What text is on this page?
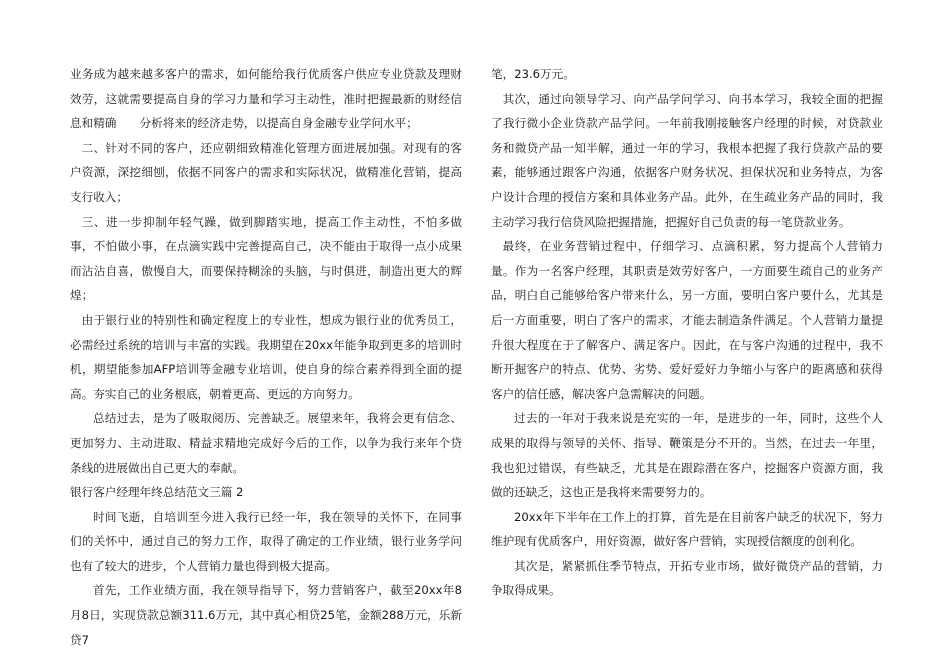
业务成为越来越多客户的需求，如何能给我行优质客户供应专业贷款及理财效劳，这就需要提高自身的学习力量和学习主动性，准时把握最新的财经信息和精确　　分析将来的经济走势，以提高自身金融专业学问水平；

二、针对不同的客户，还应朝细致精准化管理方面进展加强。对现有的客户资源，深挖细刨，依据不同客户的需求和实际状况，做精准化营销，提高支行收入；

三、进一步抑制年轻气躁，做到脚踏实地，提高工作主动性，不怕多做事，不怕做小事，在点滴实践中完善提高自己，决不能由于取得一点小成果而沾沾自喜，傲慢自大，而要保持糊涂的头脑，与时俱进，制造出更大的辉煌；

由于银行业的特别性和确定程度上的专业性，想成为银行业的优秀员工，必需经过系统的培训与丰富的实践。我期望在20xx年能争取到更多的培训时机，期望能参加AFP培训等金融专业培训，使自身的综合素养得到全面的提高。夯实自己的业务根底，朝着更高、更远的方向努力。

总结过去，是为了吸取阅历、完善缺乏。展望来年，我将会更有信念、更加努力、主动进取、精益求精地完成好今后的工作，以争为我行来年个贷条线的进展做出自己更大的奉献。

银行客户经理年终总结范文三篇 2

时间飞逝，自培训至今进入我行已经一年，我在领导的关怀下，在同事们的关怀中，通过自己的努力工作，取得了确定的工作业绩，银行业务学问也有了较大的进步，个人营销力量也得到极大提高。

首先，工作业绩方面，我在领导指导下，努力营销客户，截至20xx年8月8日，实现贷款总额311.6万元，其中真心相贷25笔，金额288万元，乐新贷7

笔，23.6万元。

其次，通过向领导学习、向产品学问学习、向书本学习，我较全面的把握了我行微小企业贷款产品学问。一年前我刚接触客户经理的时候，对贷款业务和微贷产品一知半解，通过一年的学习，我根本把握了我行贷款产品的要素，能够通过跟客户沟通，依据客户财务状况、担保状况和业务特点，为客户设计合理的授信方案和具体业务产品。此外，在生疏业务产品的同时，我主动学习我行信贷风险把握措施，把握好自己负责的每一笔贷款业务。

最终，在业务营销过程中，仔细学习、点滴积累，努力提高个人营销力量。作为一名客户经理，其职责是效劳好客户，一方面要生疏自己的业务产品，明白自己能够给客户带来什么，另一方面，要明白客户要什么，尤其是后一方面重要，明白了客户的需求，才能去制造条件满足。个人营销力量提升很大程度在于了解客户、满足客户。因此，在与客户沟通的过程中，我不断开掘客户的特点、优势、劣势、爱好爱好力争缩小与客户的距离感和获得客户的信任感，解决客户急需解决的问题。

过去的一年对于我来说是充实的一年，是进步的一年，同时，这些个人成果的取得与领导的关怀、指导、鞭策是分不开的。当然，在过去一年里，我也犯过错误，有些缺乏，尤其是在跟踪潜在客户，挖掘客户资源方面，我做的还缺乏，这也正是我将来需要努力的。

20xx年下半年在工作上的打算，首先是在目前客户缺乏的状况下，努力维护现有优质客户，用好资源，做好客户营销，实现授信额度的创利化。

其次是，紧紧抓住季节特点，开拓专业市场，做好微贷产品的营销，力争取得成果。
